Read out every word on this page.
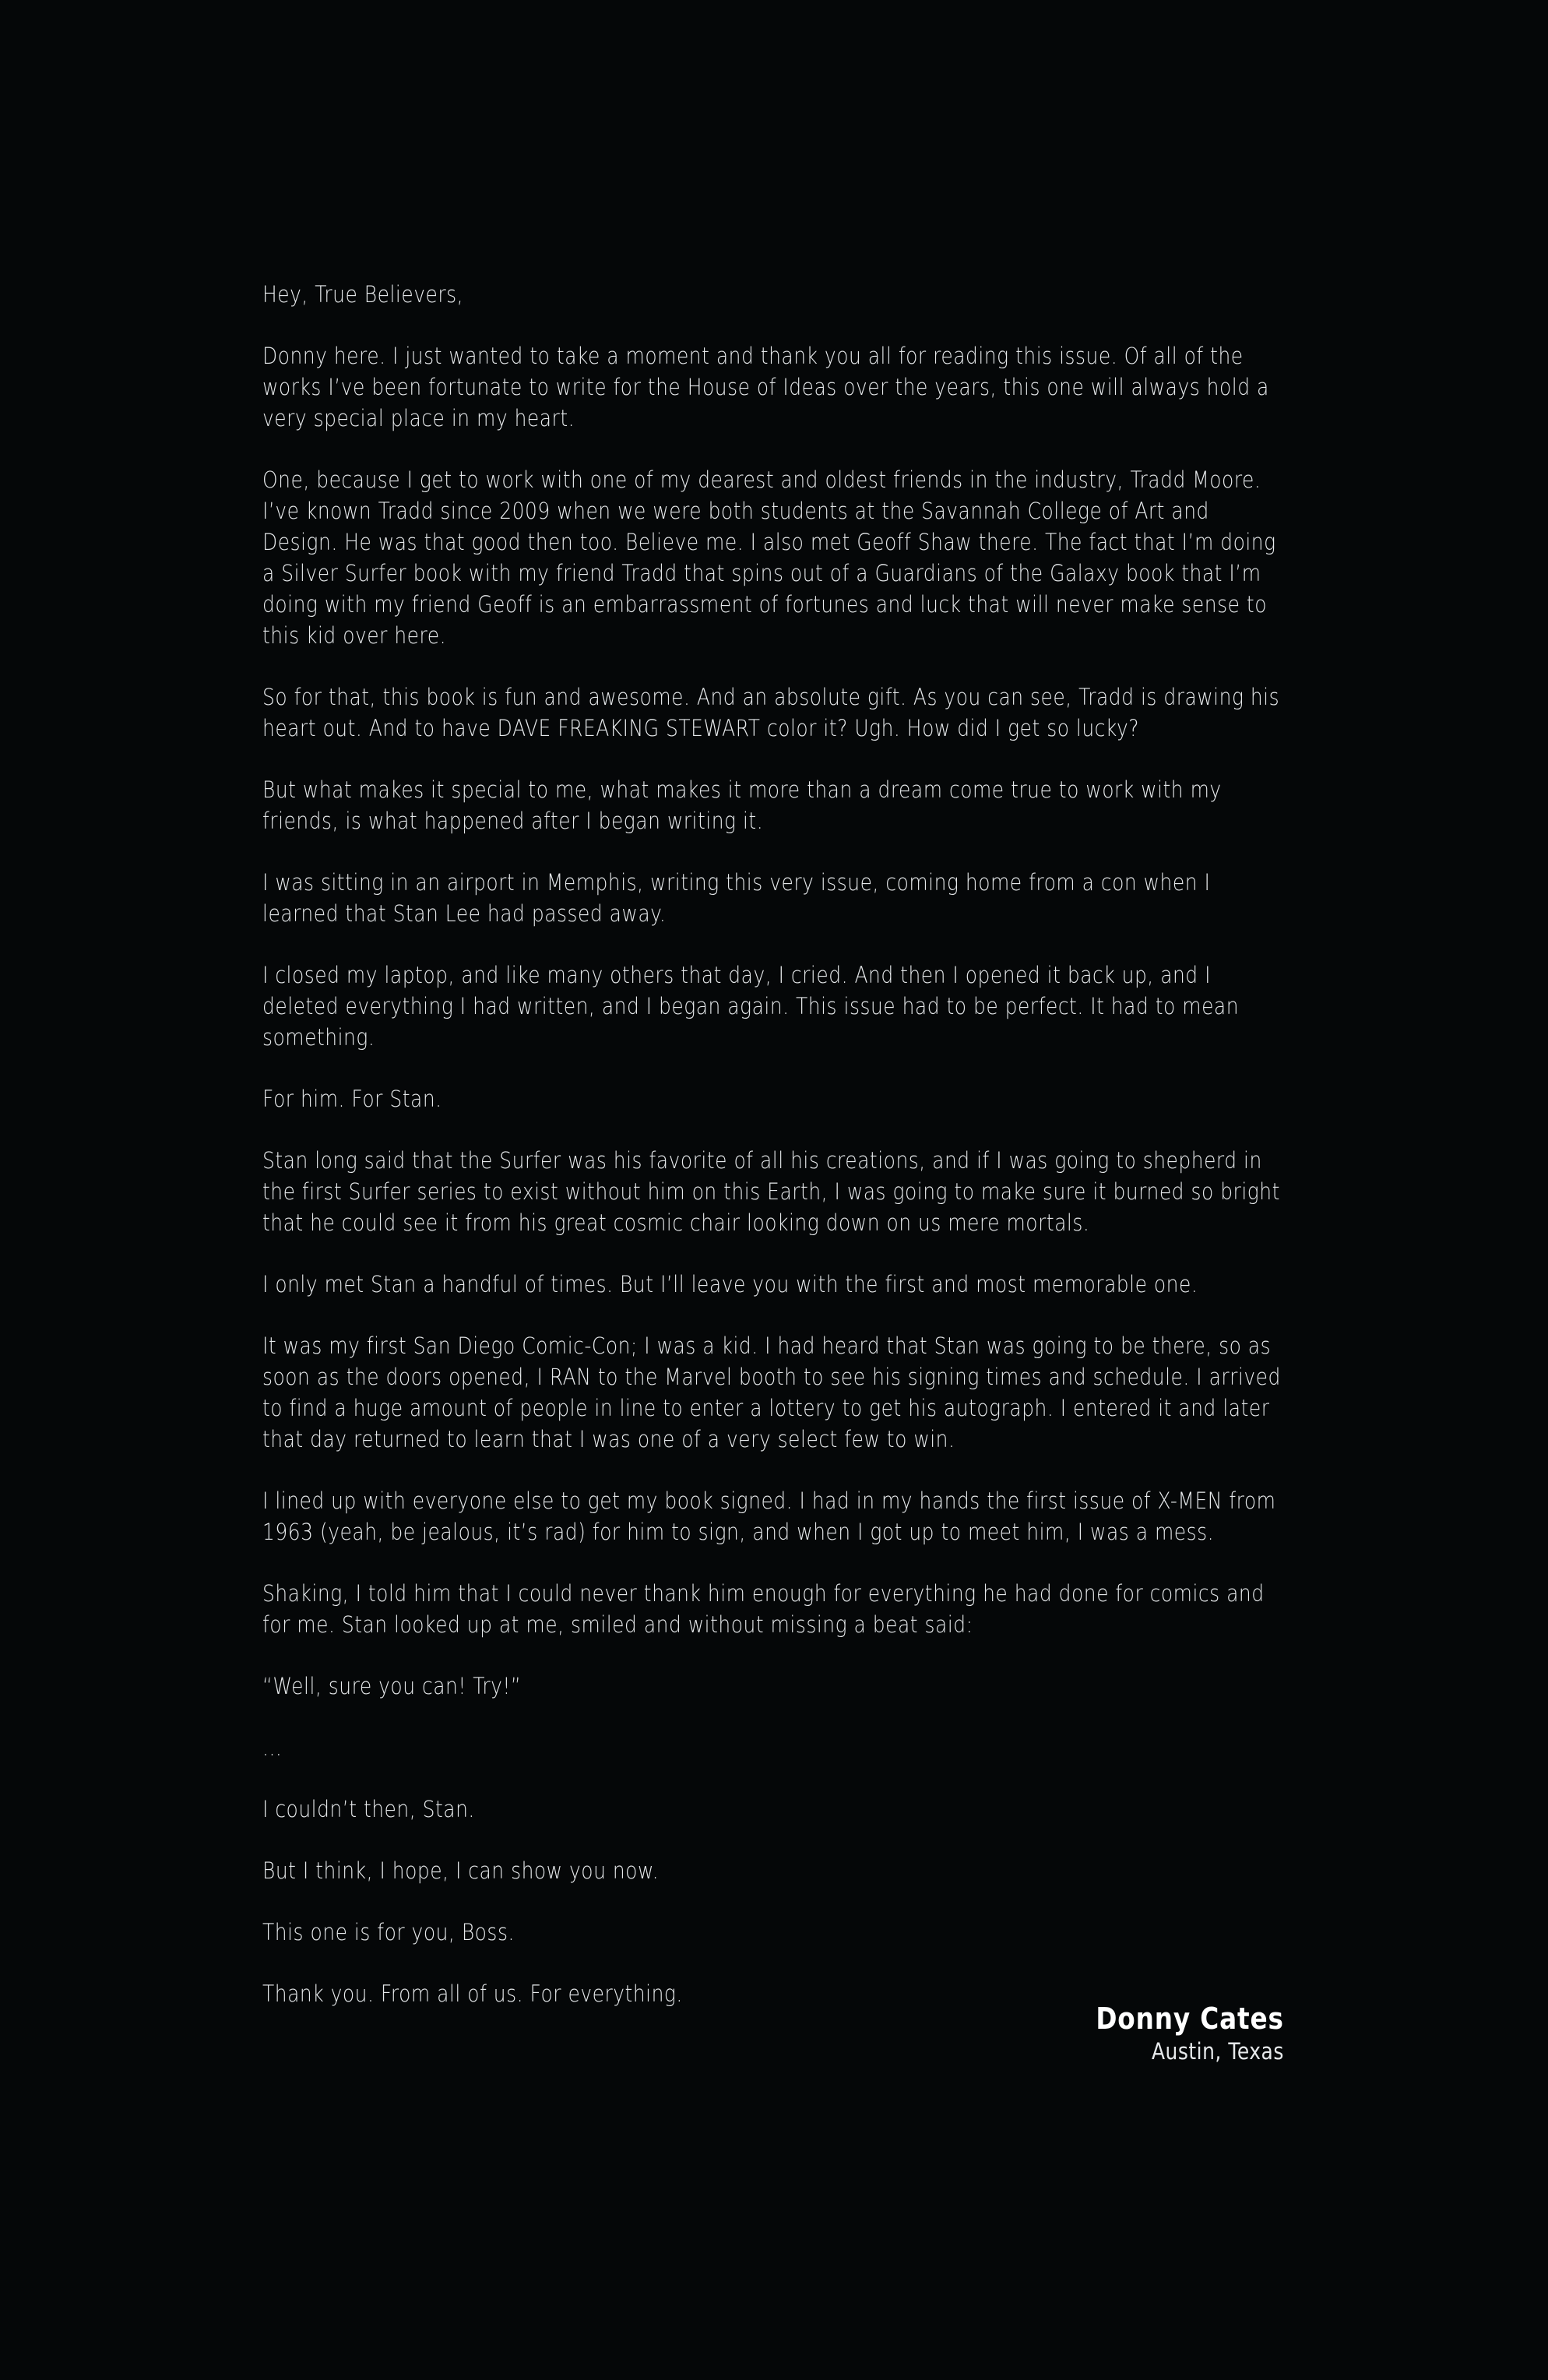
Hey, True Believers,

Donny here. I just wanted to take a moment and thank you all for reading this issue. Of all of the works I’ve been fortunate to write for the House of Ideas over the years, this one will always hold a very special place in my heart.

One, because I get to work with one of my dearest and oldest friends in the industry, Tradd Moore. I’ve known Tradd since 2009 when we were both students at the Savannah College of Art and Design. He was that good then too. Believe me. I also met Geoff Shaw there. The fact that I’m doing a Silver Surfer book with my friend Tradd that spins out of a Guardians of the Galaxy book that I’m doing with my friend Geoff is an embarrassment of fortunes and luck that will never make sense to this kid over here.

So for that, this book is fun and awesome. And an absolute gift. As you can see, Tradd is drawing his heart out. And to have DAVE FREAKING STEWART color it? Ugh. How did I get so lucky?

But what makes it special to me, what makes it more than a dream come true to work with my friends, is what happened after I began writing it.

I was sitting in an airport in Memphis, writing this very issue, coming home from a con when I learned that Stan Lee had passed away.

I closed my laptop, and like many others that day, I cried. And then I opened it back up, and I deleted everything I had written, and I began again. This issue had to be perfect. It had to mean something.

For him. For Stan.

Stan long said that the Surfer was his favorite of all his creations, and if I was going to shepherd in the first Surfer series to exist without him on this Earth, I was going to make sure it burned so bright that he could see it from his great cosmic chair looking down on us mere mortals.

I only met Stan a handful of times. But I’ll leave you with the first and most memorable one.

It was my first San Diego Comic-Con; I was a kid. I had heard that Stan was going to be there, so as soon as the doors opened, I RAN to the Marvel booth to see his signing times and schedule. I arrived to find a huge amount of people in line to enter a lottery to get his autograph. I entered it and later that day returned to learn that I was one of a very select few to win.

I lined up with everyone else to get my book signed. I had in my hands the first issue of X-MEN from 1963 (yeah, be jealous, it’s rad) for him to sign, and when I got up to meet him, I was a mess.

Shaking, I told him that I could never thank him enough for everything he had done for comics and for me. Stan looked up at me, smiled and without missing a beat said:

“Well, sure you can! Try!”

...

I couldn’t then, Stan.

But I think, I hope, I can show you now.

This one is for you, Boss.

Thank you. From all of us. For everything.

Donny Cates
Austin, Texas
